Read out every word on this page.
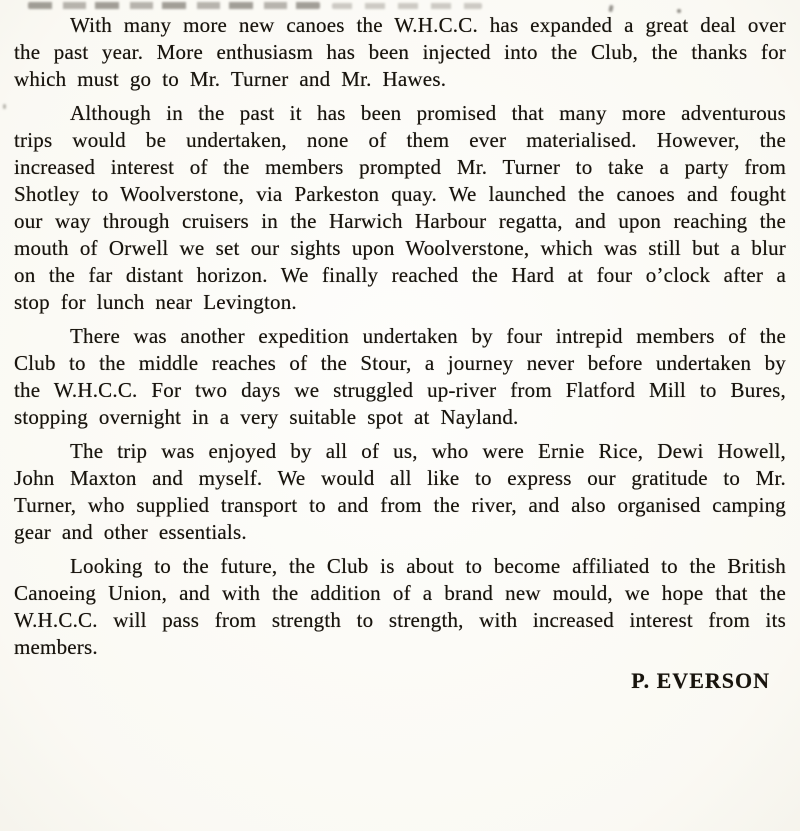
With many more new canoes the W.H.C.C. has expanded a great deal over the past year. More enthusiasm has been injected into the Club, the thanks for which must go to Mr. Turner and Mr. Hawes.

Although in the past it has been promised that many more adventurous trips would be undertaken, none of them ever materialised. However, the increased interest of the members prompted Mr. Turner to take a party from Shotley to Woolverstone, via Parkeston quay. We launched the canoes and fought our way through cruisers in the Harwich Harbour regatta, and upon reaching the mouth of Orwell we set our sights upon Woolverstone, which was still but a blur on the far distant horizon. We finally reached the Hard at four o’clock after a stop for lunch near Levington.

There was another expedition undertaken by four intrepid members of the Club to the middle reaches of the Stour, a journey never before undertaken by the W.H.C.C. For two days we struggled up-river from Flatford Mill to Bures, stopping overnight in a very suitable spot at Nayland.

The trip was enjoyed by all of us, who were Ernie Rice, Dewi Howell, John Maxton and myself. We would all like to express our gratitude to Mr. Turner, who supplied transport to and from the river, and also organised camping gear and other essentials.

Looking to the future, the Club is about to become affiliated to the British Canoeing Union, and with the addition of a brand new mould, we hope that the W.H.C.C. will pass from strength to strength, with increased interest from its members.

P. EVERSON
